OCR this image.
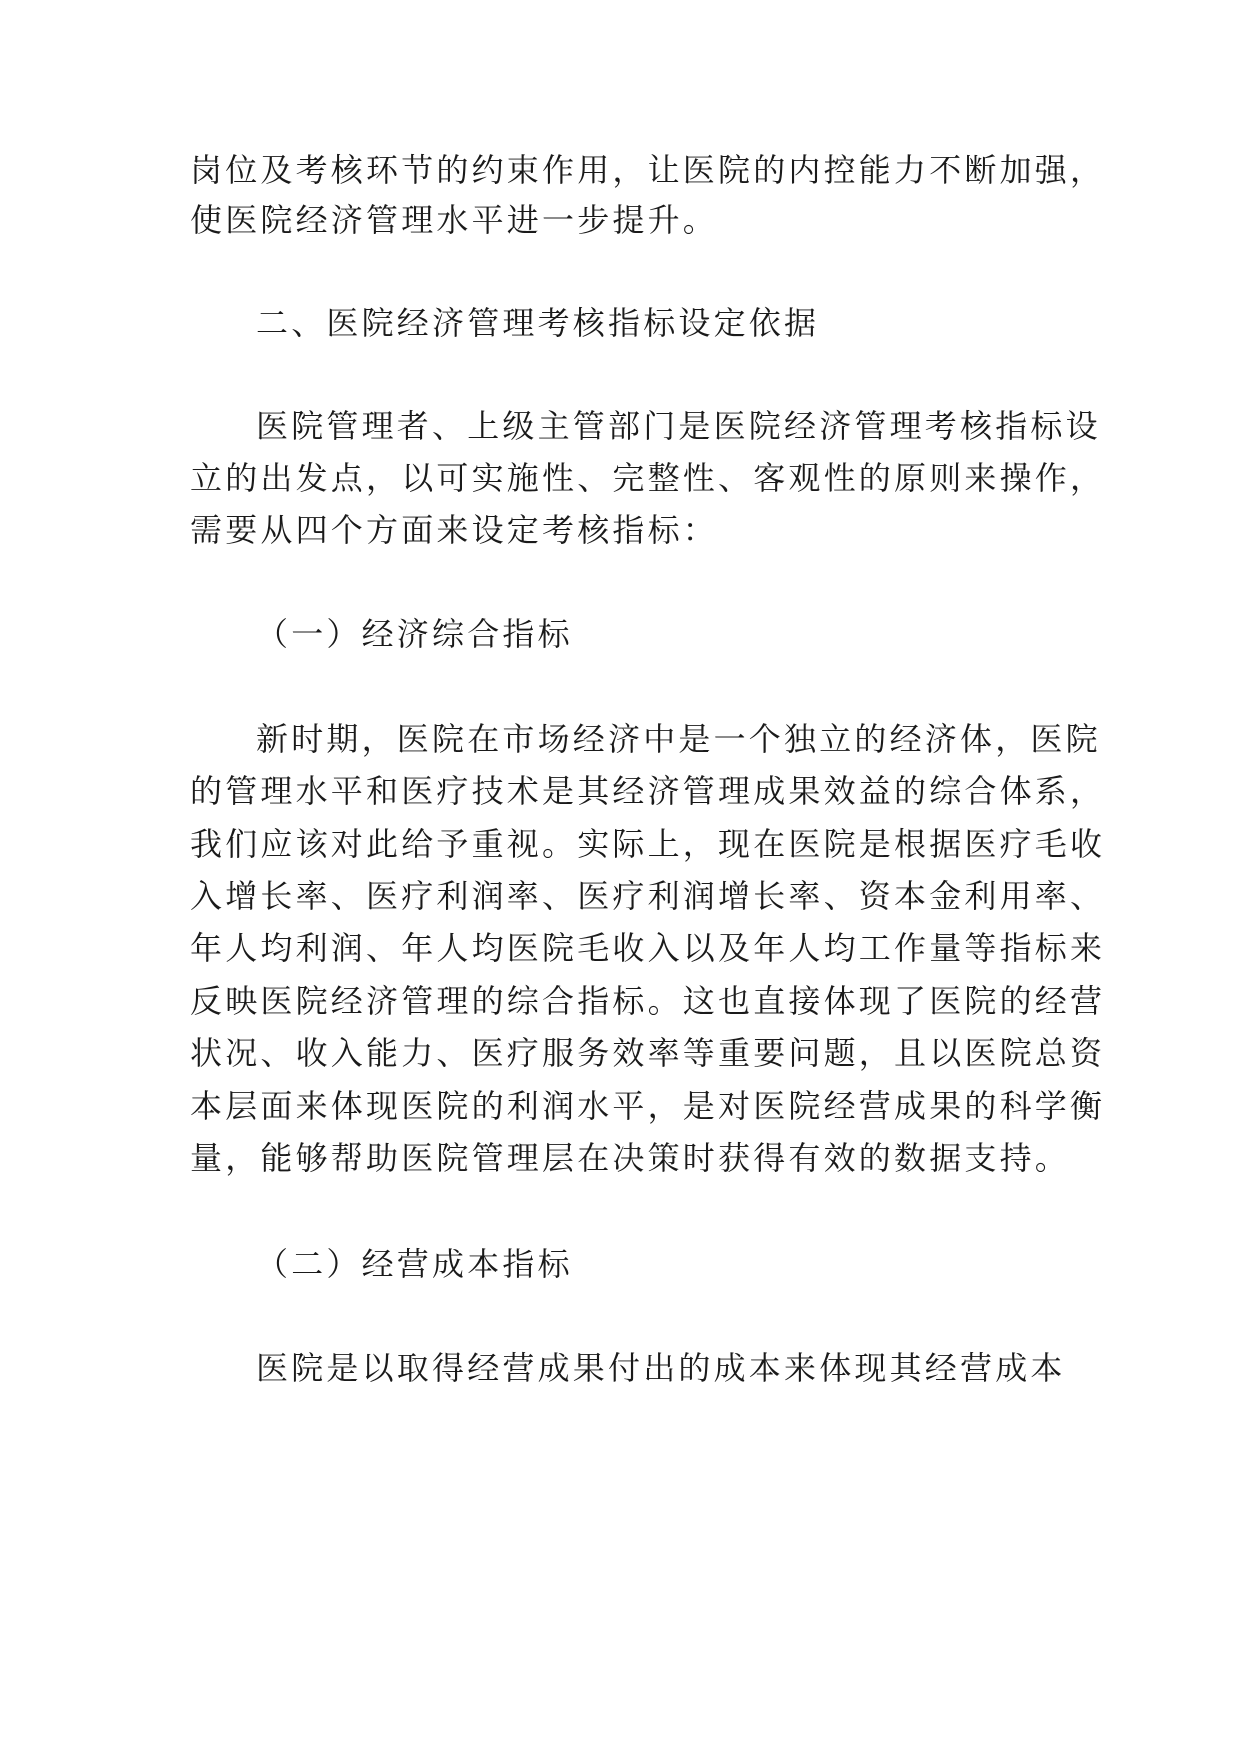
岗位及考核环节的约束作用，让医院的内控能力不断加强，
使医院经济管理水平进一步提升。
二、医院经济管理考核指标设定依据
医院管理者、上级主管部门是医院经济管理考核指标设
立的出发点，以可实施性、完整性、客观性的原则来操作，
需要从四个方面来设定考核指标：
（一）经济综合指标
新时期，医院在市场经济中是一个独立的经济体，医院
的管理水平和医疗技术是其经济管理成果效益的综合体系，
我们应该对此给予重视。实际上，现在医院是根据医疗毛收
入增长率、医疗利润率、医疗利润增长率、资本金利用率、
年人均利润、年人均医院毛收入以及年人均工作量等指标来
反映医院经济管理的综合指标。这也直接体现了医院的经营
状况、收入能力、医疗服务效率等重要问题，且以医院总资
本层面来体现医院的利润水平，是对医院经营成果的科学衡
量，能够帮助医院管理层在决策时获得有效的数据支持。
（二）经营成本指标
医院是以取得经营成果付出的成本来体现其经营成本
